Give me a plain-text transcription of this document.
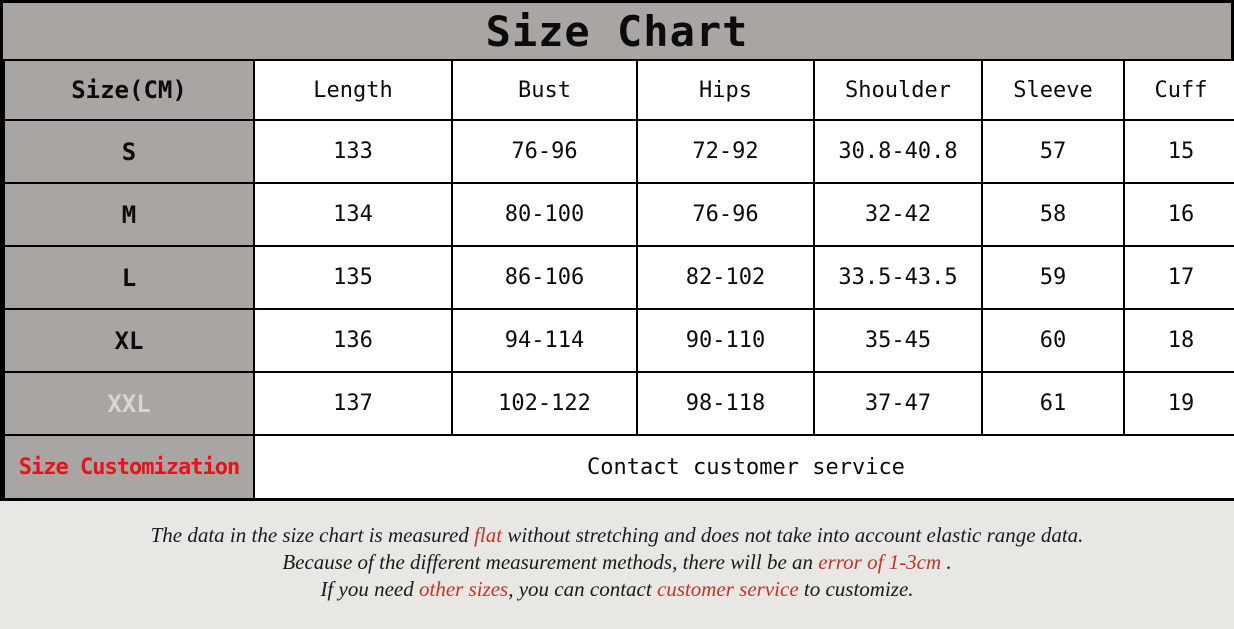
Size Chart
Size(CM)	Length	Bust	Hips	Shoulder	Sleeve	Cuff
S	133	76-96	72-92	30.8-40.8	57	15
M	134	80-100	76-96	32-42	58	16
L	135	86-106	82-102	33.5-43.5	59	17
XL	136	94-114	90-110	35-45	60	18
XXL	137	102-122	98-118	37-47	61	19
Size Customization	Contact customer service					
The data in the size chart is measured flat without stretching and does not take into account elastic range data.
Because of the different measurement methods, there will be an error of 1-3cm .
If you need other sizes, you can contact customer service to customize.
